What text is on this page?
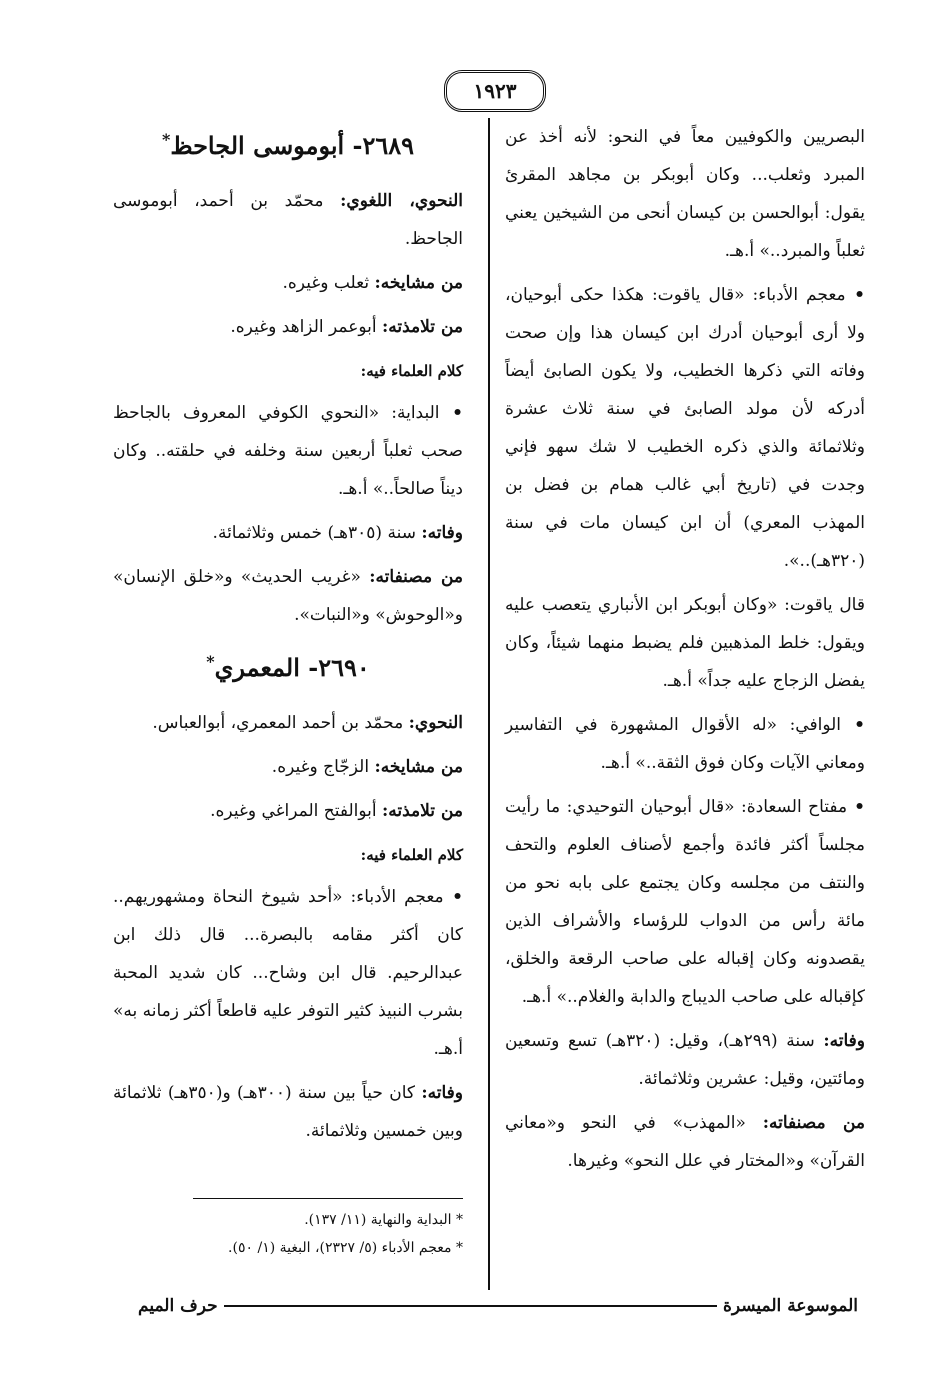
١٩٢٣

البصريين والكوفيين معاً في النحو: لأنه أخذ عن المبرد وثعلب... وكان أبوبكر بن مجاهد المقرئ يقول: أبوالحسن بن كيسان أنحى من الشيخين يعني ثعلباً والمبرد..» أ.هـ.

• معجم الأدباء: «قال ياقوت: هكذا حكى أبوحيان، ولا أرى أبوحيان أدرك ابن كيسان هذا وإن صحت وفاته التي ذكرها الخطيب، ولا يكون الصابئ أيضاً أدركه لأن مولد الصابئ في سنة ثلاث عشرة وثلاثمائة والذي ذكره الخطيب لا شك سهو فإني وجدت في (تاريخ أبي غالب همام بن فضل بن المهذب المعري) أن ابن كيسان مات في سنة (٣٢٠هـ)..».

قال ياقوت: «وكان أبوبكر ابن الأنباري يتعصب عليه ويقول: خلط المذهبين فلم يضبط منهما شيئاً، وكان يفضل الزجاج عليه جداً» أ.هـ.

• الوافي: «له الأقوال المشهورة في التفاسير ومعاني الآيات وكان فوق الثقة..» أ.هـ.

• مفتاح السعادة: «قال أبوحيان التوحيدي: ما رأيت مجلساً أكثر فائدة وأجمع لأصناف العلوم والتحف والنتف من مجلسه وكان يجتمع على بابه نحو من مائة رأس من الدواب للرؤساء والأشراف الذين يقصدونه وكان إقباله على صاحب الرقعة والخلق، كإقباله على صاحب الديباج والدابة والغلام..» أ.هـ.

وفاته: سنة (٢٩٩هـ)، وقيل: (٣٢٠هـ) تسع وتسعين ومائتين، وقيل: عشرين وثلاثمائة.

من مصنفاته: «المهذب» في النحو و«معاني القرآن» و«المختار في علل النحو» وغيرها.

٢٦٨٩- أبوموسى الجاحظ*

النحوي، اللغوي: محمّد بن أحمد، أبوموسى الجاحظ.

من مشايخه: ثعلب وغيره.

من تلامذته: أبوعمر الزاهد وغيره.

كلام العلماء فيه:

• البداية: «النحوي الكوفي المعروف بالجاحظ صحب ثعلباً أربعين سنة وخلفه في حلقته.. وكان ديناً صالحاً..» أ.هـ.

وفاته: سنة (٣٠٥هـ) خمس وثلاثمائة.

من مصنفاته: «غريب الحديث» و«خلق الإنسان» و«الوحوش» و«النبات».

٢٦٩٠- المعمري*

النحوي: محمّد بن أحمد المعمري، أبوالعباس.

من مشايخه: الزجّاج وغيره.

من تلامذته: أبوالفتح المراغي وغيره.

كلام العلماء فيه:

• معجم الأدباء: «أحد شيوخ النحاة ومشهوريهم.. كان أكثر مقامه بالبصرة... قال ذلك ابن عبدالرحيم. قال ابن وشاح... كان شديد المحبة بشرب النبيذ كثير التوفر عليه قاطعاً أكثر زمانه به» أ.هـ.

وفاته: كان حياً بين سنة (٣٠٠هـ) و(٣٥٠هـ) ثلاثمائة وبين خمسين وثلاثمائة.

* البداية والنهاية (١١/ ١٣٧).

* معجم الأدباء (٥/ ٢٣٢٧)، البغية (١/ ٥٠).

الموسوعة الميسرة
حرف الميم
